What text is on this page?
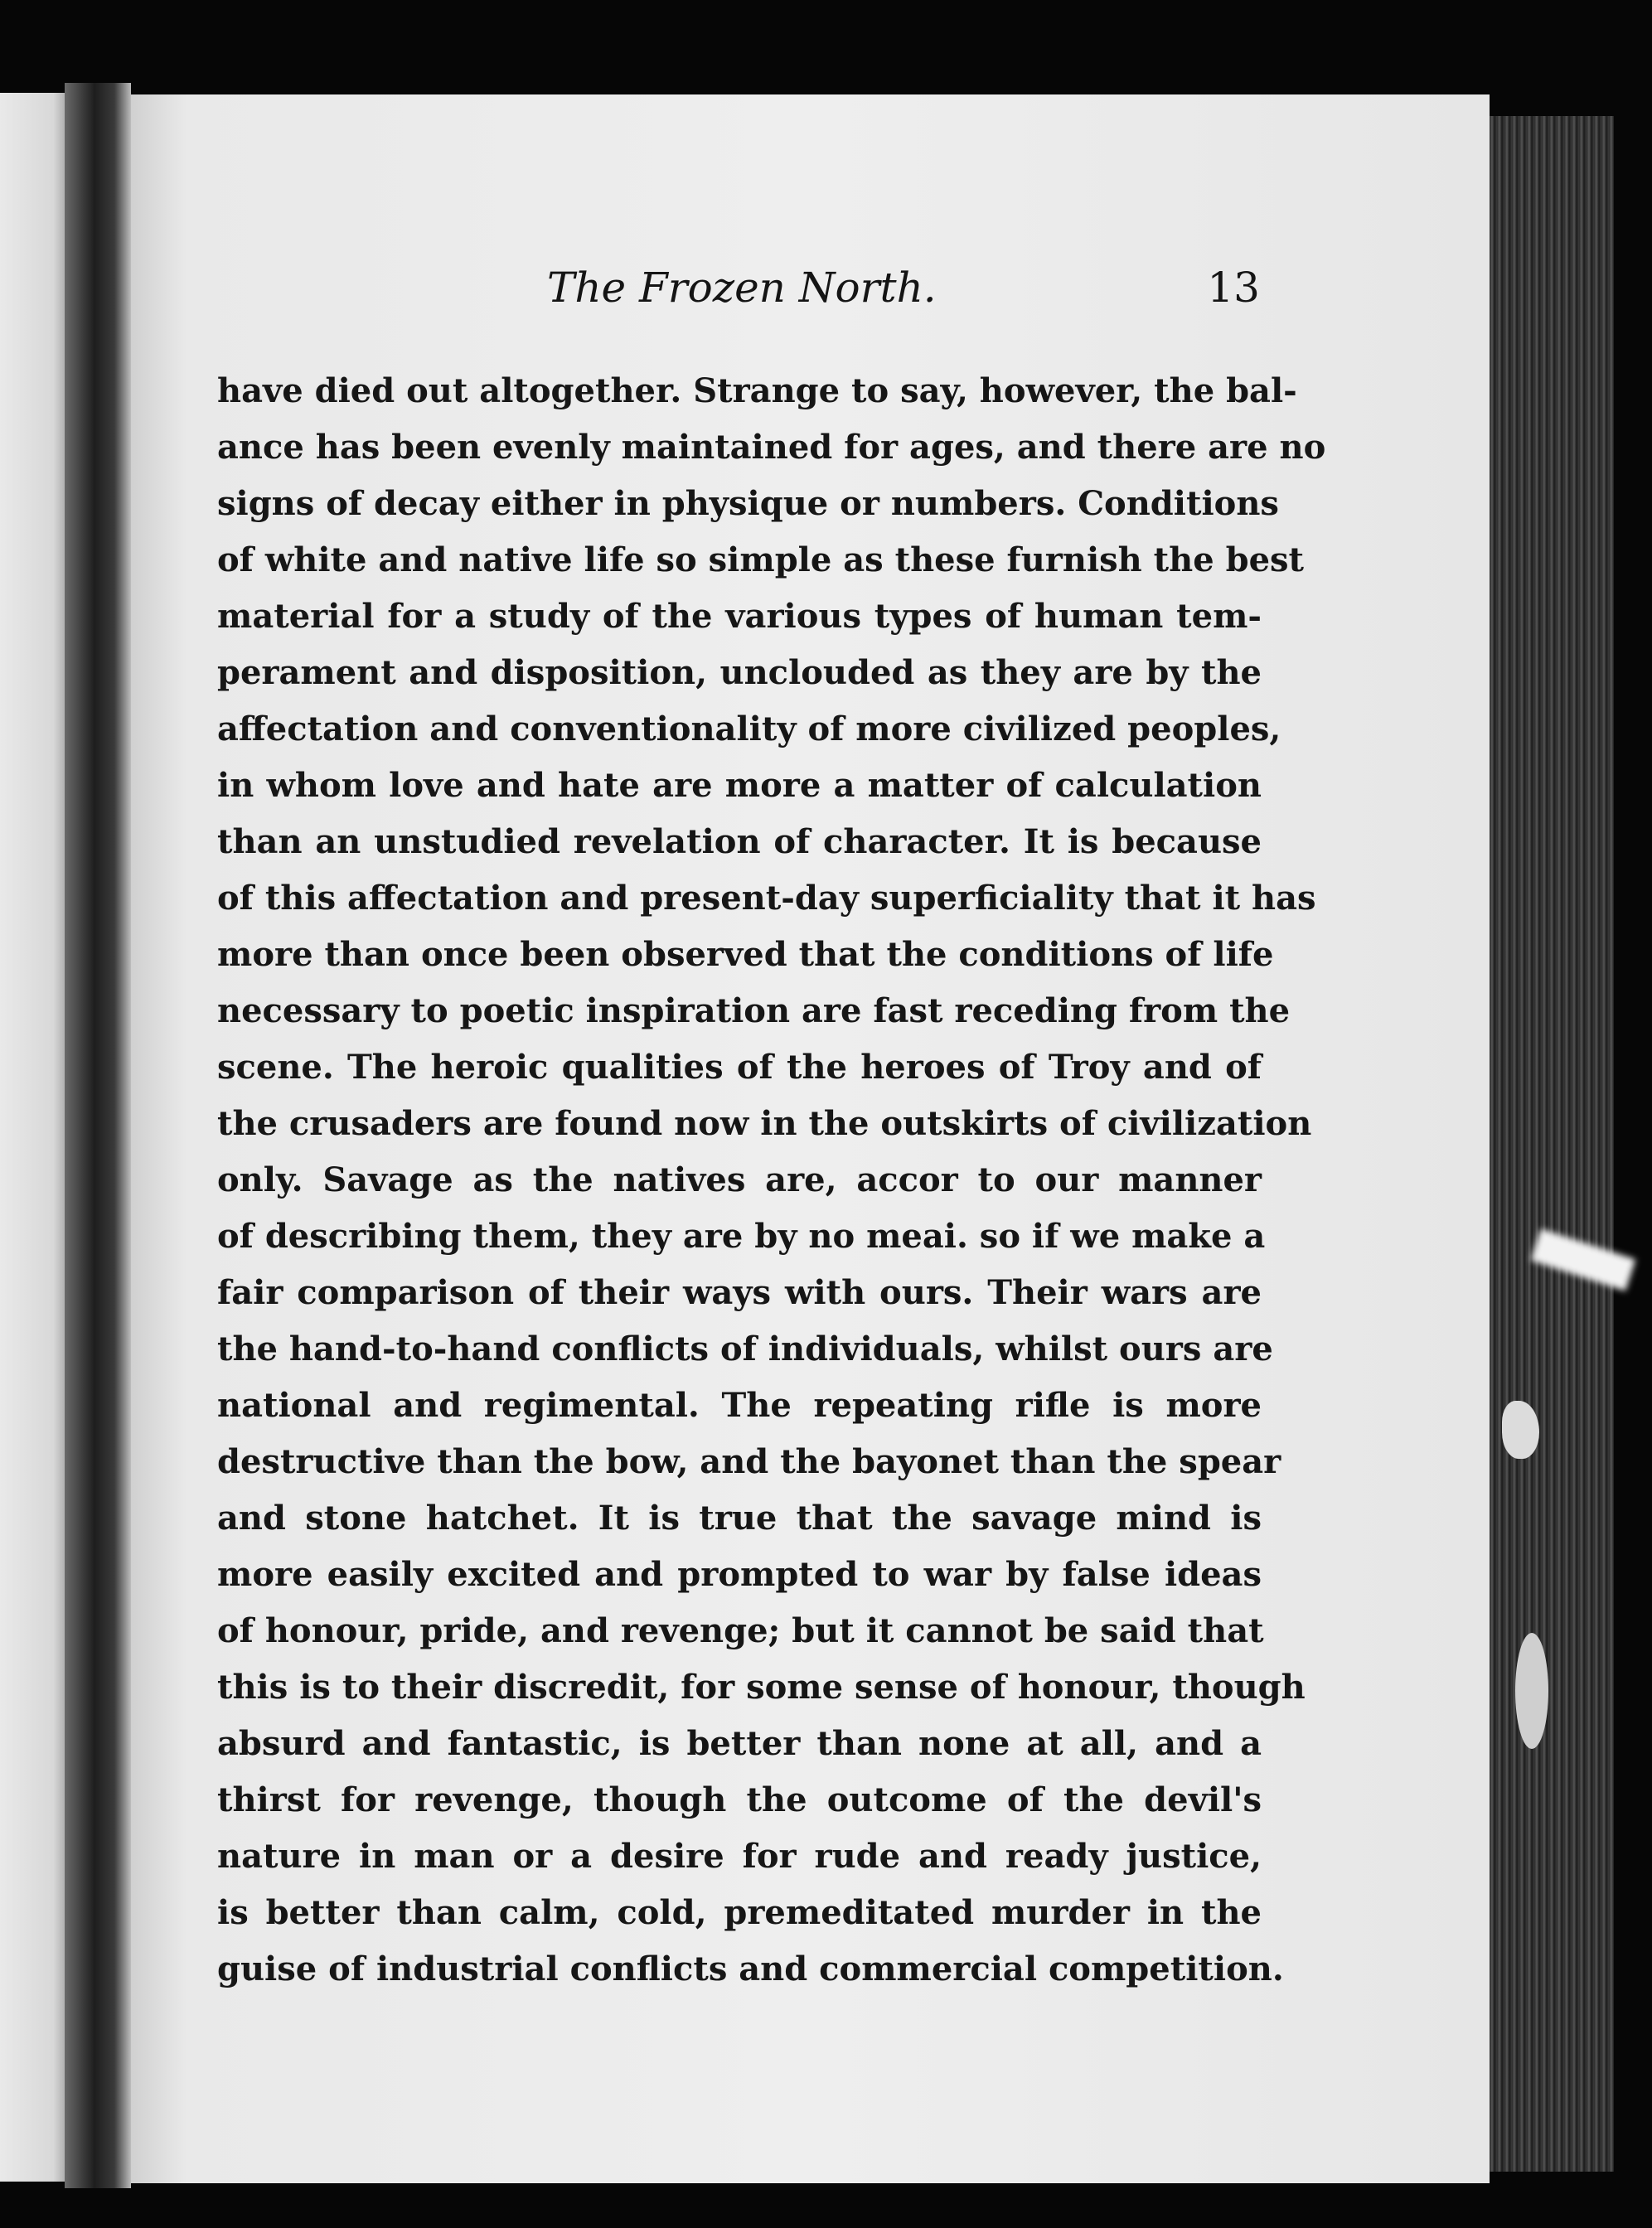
The Frozen North.	13
have died out altogether. Strange to say, however, the bal-
ance has been evenly maintained for ages, and there are no
signs of decay either in physique or numbers. Conditions
of white and native life so simple as these furnish the best
material for a study of the various types of human tem-
perament and disposition, unclouded as they are by the
affectation and conventionality of more civilized peoples,
in whom love and hate are more a matter of calculation
than an unstudied revelation of character. It is because
of this affectation and present-day superficiality that it has
more than once been observed that the conditions of life
necessary to poetic inspiration are fast receding from the
scene. The heroic qualities of the heroes of Troy and of
the crusaders are found now in the outskirts of civilization
only. Savage as the natives are, accor to our manner
of describing them, they are by no meai. so if we make a
fair comparison of their ways with ours. Their wars are
the hand-to-hand conflicts of individuals, whilst ours are
national and regimental. The repeating rifle is more
destructive than the bow, and the bayonet than the spear
and stone hatchet. It is true that the savage mind is
more easily excited and prompted to war by false ideas
of honour, pride, and revenge; but it cannot be said that
this is to their discredit, for some sense of honour, though
absurd and fantastic, is better than none at all, and a
thirst for revenge, though the outcome of the devil's
nature in man or a desire for rude and ready justice,
is better than calm, cold, premeditated murder in the
guise of industrial conflicts and commercial competition.
